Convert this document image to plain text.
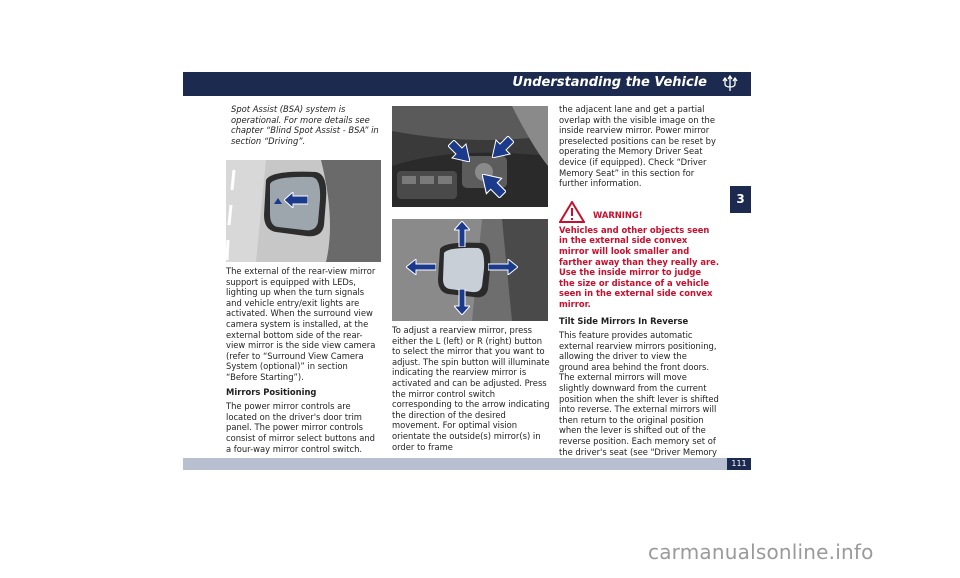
Understanding the Vehicle
3

Spot Assist (BSA) system is operational. For more details see chapter “Blind Spot Assist - BSA” in section “Driving”.

The external of the rear-view mirror support is equipped with LEDs, lighting up when the turn signals and vehicle entry/exit lights are activated. When the surround view camera system is installed, at the external bottom side of the rear-view mirror is the side view camera (refer to “Surround View Camera System (optional)” in section “Before Starting”).

Mirrors Positioning

The power mirror controls are located on the driver's door trim panel. The power mirror controls consist of mirror select buttons and a four-way mirror control switch.

To adjust a rearview mirror, press either the L (left) or R (right) button to select the mirror that you want to adjust. The spin button will illuminate indicating the rearview mirror is activated and can be adjusted. Press the mirror control switch corresponding to the arrow indicating the direction of the desired movement. For optimal vision orientate the outside(s) mirror(s) in order to frame

the adjacent lane and get a partial overlap with the visible image on the inside rearview mirror. Power mirror preselected positions can be reset by operating the Memory Driver Seat device (if equipped). Check “Driver Memory Seat” in this section for further information.

WARNING!

Vehicles and other objects seen in the external side convex mirror will look smaller and farther away than they really are. Use the inside mirror to judge the size or distance of a vehicle seen in the external side convex mirror.

Tilt Side Mirrors In Reverse

This feature provides automatic external rearview mirrors positioning, allowing the driver to view the ground area behind the front doors. The external mirrors will move slightly downward from the current position when the shift lever is shifted into reverse. The external mirrors will then return to the original position when the lever is shifted out of the reverse position. Each memory set of the driver's seat (see "Driver Memory

111
carmanualsonline.info
